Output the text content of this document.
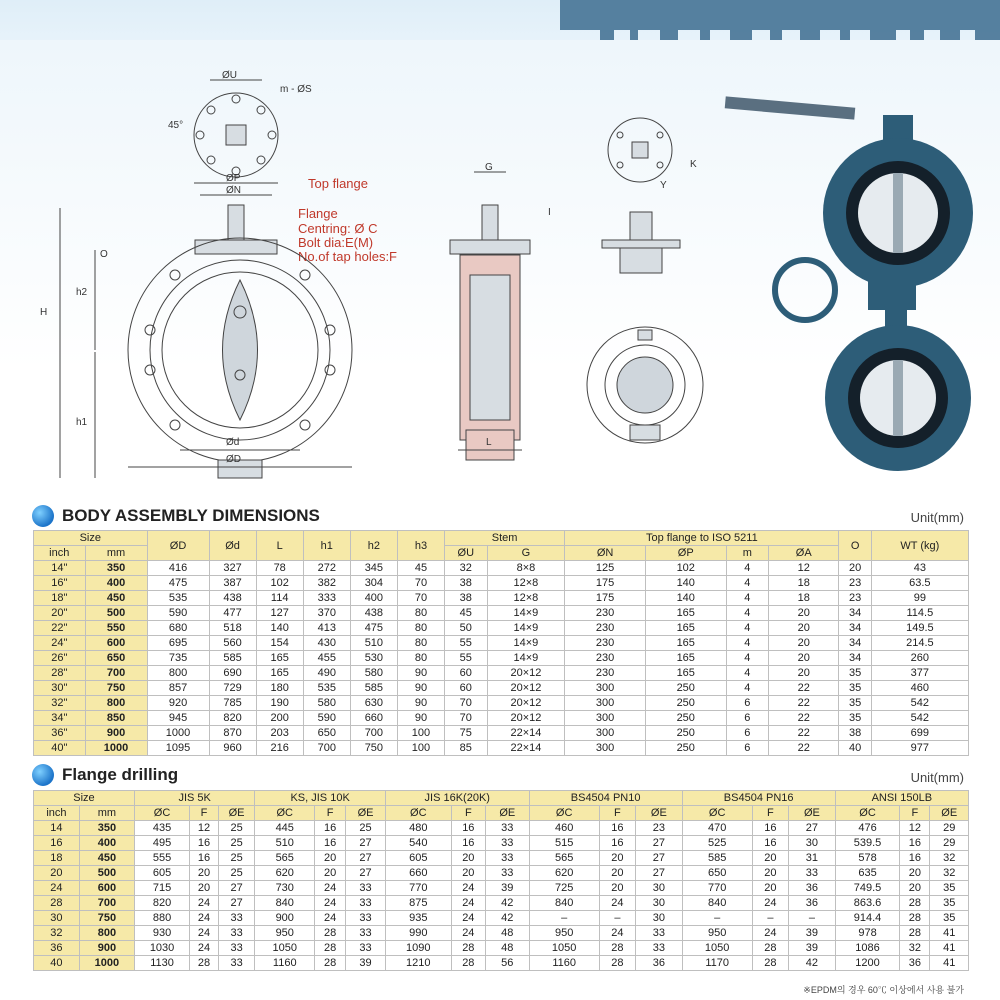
ØU
m - ØS
45°
ØP
ØN	Top flange
Flange
Centring: Ø C
Bolt dia:E(M)
No.of tap holes:F
H
h2
h1
O
Ød
ØD
G
L
I
K
Y
BODY ASSEMBLY DIMENSIONS	Unit(mm)
Size		ØD	Ød	L	h1	h2	h3	Stem		Top flange to ISO 5211				O	WT (kg)
inch	mm							ØU	G	ØN	ØP	m	ØA		
14"	350	416	327	78	272	345	45	32	8×8	125	102	4	12	20	43
16"	400	475	387	102	382	304	70	38	12×8	175	140	4	18	23	63.5
18"	450	535	438	114	333	400	70	38	12×8	175	140	4	18	23	99
20"	500	590	477	127	370	438	80	45	14×9	230	165	4	20	34	114.5
22"	550	680	518	140	413	475	80	50	14×9	230	165	4	20	34	149.5
24"	600	695	560	154	430	510	80	55	14×9	230	165	4	20	34	214.5
26"	650	735	585	165	455	530	80	55	14×9	230	165	4	20	34	260
28"	700	800	690	165	490	580	90	60	20×12	230	165	4	20	35	377
30"	750	857	729	180	535	585	90	60	20×12	300	250	4	22	35	460
32"	800	920	785	190	580	630	90	70	20×12	300	250	6	22	35	542
34"	850	945	820	200	590	660	90	70	20×12	300	250	6	22	35	542
36"	900	1000	870	203	650	700	100	75	22×14	300	250	6	22	38	699
40"	1000	1095	960	216	700	750	100	85	22×14	300	250	6	22	40	977
Flange drilling	Unit(mm)
Size		JIS 5K			KS, JIS 10K			JIS 16K(20K)			BS4504 PN10			BS4504 PN16			ANSI 150LB		
inch	mm	ØC	F	ØE	ØC	F	ØE	ØC	F	ØE	ØC	F	ØE	ØC	F	ØE	ØC	F	ØE
14	350	435	12	25	445	16	25	480	16	33	460	16	23	470	16	27	476	12	29
16	400	495	16	25	510	16	27	540	16	33	515	16	27	525	16	30	539.5	16	29
18	450	555	16	25	565	20	27	605	20	33	565	20	27	585	20	31	578	16	32
20	500	605	20	25	620	20	27	660	20	33	620	20	27	650	20	33	635	20	32
24	600	715	20	27	730	24	33	770	24	39	725	20	30	770	20	36	749.5	20	35
28	700	820	24	27	840	24	33	875	24	42	840	24	30	840	24	36	863.6	28	35
30	750	880	24	33	900	24	33	935	24	42	–	–	30	–	–	–	914.4	28	35
32	800	930	24	33	950	28	33	990	24	48	950	24	33	950	24	39	978	28	41
36	900	1030	24	33	1050	28	33	1090	28	48	1050	28	33	1050	28	39	1086	32	41
40	1000	1130	28	33	1160	28	39	1210	28	56	1160	28	36	1170	28	42	1200	36	41
※EPDM의 경우 60℃ 이상에서 사용 불가
